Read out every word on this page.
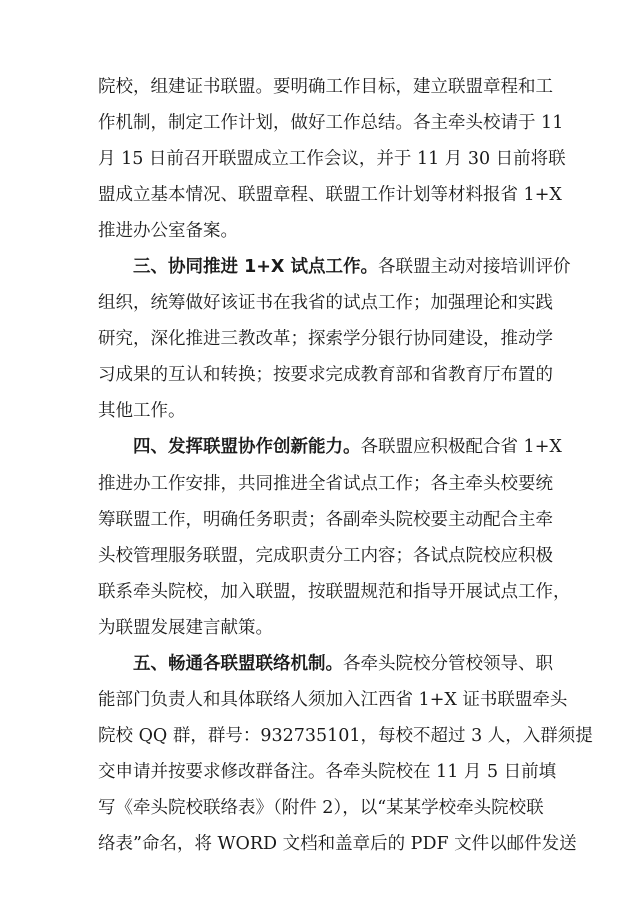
院校，组建证书联盟。要明确工作目标，建立联盟章程和工
作机制，制定工作计划，做好工作总结。各主牵头校请于 11
月 15 日前召开联盟成立工作会议，并于 11 月 30 日前将联
盟成立基本情况、联盟章程、联盟工作计划等材料报省 1+X
推进办公室备案。
三、协同推进 1+X 试点工作。各联盟主动对接培训评价
组织，统筹做好该证书在我省的试点工作；加强理论和实践
研究，深化推进三教改革；探索学分银行协同建设，推动学
习成果的互认和转换；按要求完成教育部和省教育厅布置的
其他工作。
四、发挥联盟协作创新能力。各联盟应积极配合省 1+X
推进办工作安排，共同推进全省试点工作；各主牵头校要统
筹联盟工作，明确任务职责；各副牵头院校要主动配合主牵
头校管理服务联盟，完成职责分工内容；各试点院校应积极
联系牵头院校，加入联盟，按联盟规范和指导开展试点工作，
为联盟发展建言献策。
五、畅通各联盟联络机制。各牵头院校分管校领导、职
能部门负责人和具体联络人须加入江西省 1+X 证书联盟牵头
院校 QQ 群，群号：932735101，每校不超过 3 人，入群须提
交申请并按要求修改群备注。各牵头院校在 11 月 5 日前填
写《牵头院校联络表》（附件 2），以“某某学校牵头院校联
络表”命名，将 WORD 文档和盖章后的 PDF 文件以邮件发送
